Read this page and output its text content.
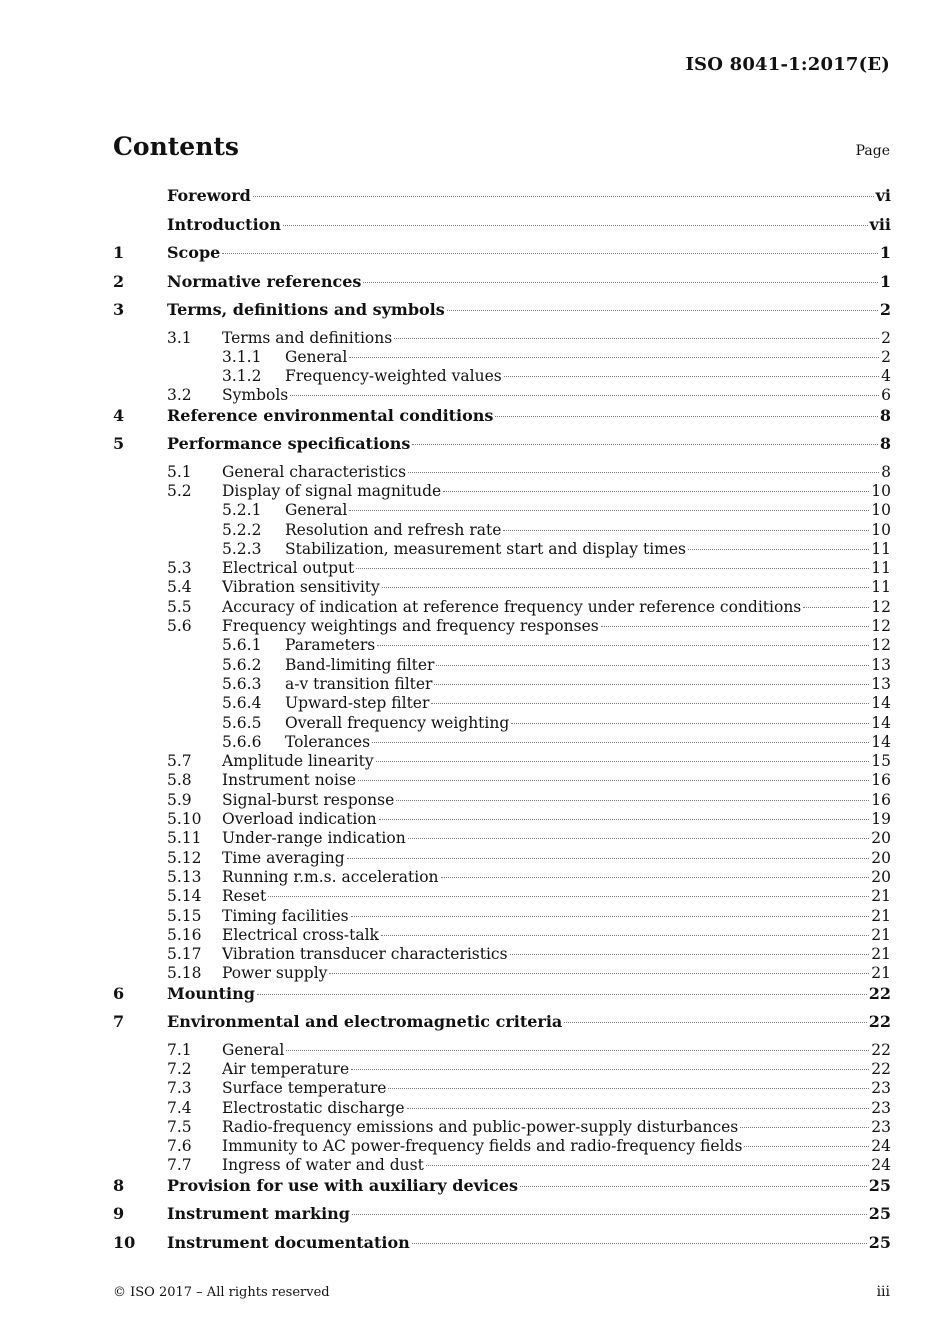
ISO 8041-1:2017(E)
Contents	Page
Foreword	vi
Introduction	vii
1	Scope	1
2	Normative references	1
3	Terms, definitions and symbols	2
3.1	Terms and definitions	2
3.1.1	General	2
3.1.2	Frequency-weighted values	4
3.2	Symbols	6
4	Reference environmental conditions	8
5	Performance specifications	8
5.1	General characteristics	8
5.2	Display of signal magnitude	10
5.2.1	General	10
5.2.2	Resolution and refresh rate	10
5.2.3	Stabilization, measurement start and display times	11
5.3	Electrical output	11
5.4	Vibration sensitivity	11
5.5	Accuracy of indication at reference frequency under reference conditions	12
5.6	Frequency weightings and frequency responses	12
5.6.1	Parameters	12
5.6.2	Band-limiting filter	13
5.6.3	a-v transition filter	13
5.6.4	Upward-step filter	14
5.6.5	Overall frequency weighting	14
5.6.6	Tolerances	14
5.7	Amplitude linearity	15
5.8	Instrument noise	16
5.9	Signal-burst response	16
5.10	Overload indication	19
5.11	Under-range indication	20
5.12	Time averaging	20
5.13	Running r.m.s. acceleration	20
5.14	Reset	21
5.15	Timing facilities	21
5.16	Electrical cross-talk	21
5.17	Vibration transducer characteristics	21
5.18	Power supply	21
6	Mounting	22
7	Environmental and electromagnetic criteria	22
7.1	General	22
7.2	Air temperature	22
7.3	Surface temperature	23
7.4	Electrostatic discharge	23
7.5	Radio-frequency emissions and public-power-supply disturbances	23
7.6	Immunity to AC power-frequency fields and radio-frequency fields	24
7.7	Ingress of water and dust	24
8	Provision for use with auxiliary devices	25
9	Instrument marking	25
10	Instrument documentation	25
© ISO 2017 – All rights reserved	iii
